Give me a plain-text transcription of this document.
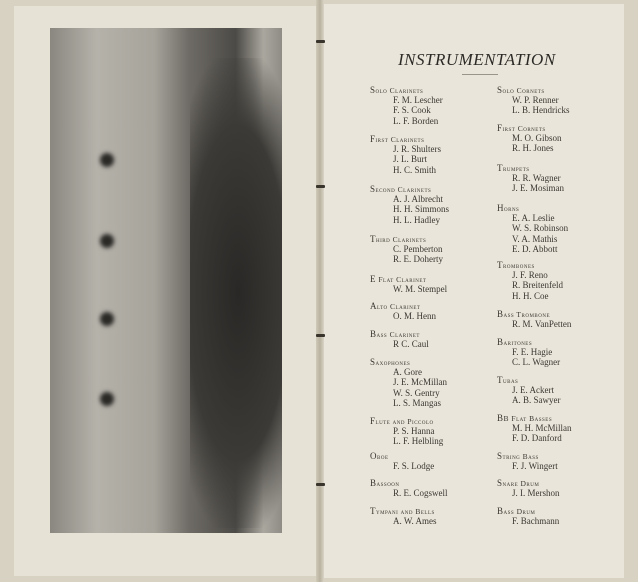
INSTRUMENTATION
Solo Clarinets
F. M. Lescher
F. S. Cook
L. F. Borden
First Clarinets
J. R. Shulters
J. L. Burt
H. C. Smith
Second Clarinets
A. J. Albrecht
H. H. Simmons
H. L. Hadley
Third Clarinets
C. Pemberton
R. E. Doherty
E Flat Clarinet
W. M. Stempel
Alto Clarinet
O. M. Henn
Bass Clarinet
R C. Caul
Saxophones
A. Gore
J. E. McMillan
W. S. Gentry
L. S. Mangas
Flute and Piccolo
P. S. Hanna
L. F. Helbling
Oboe
F. S. Lodge
Bassoon
R. E. Cogswell
Tympani and Bells
A. W. Ames
Solo Cornets
W. P. Renner
L. B. Hendricks
First Cornets
M. O. Gibson
R. H. Jones
Trumpets
R. R. Wagner
J. E. Mosiman
Horns
E. A. Leslie
W. S. Robinson
V. A. Mathis
E. D. Abbott
Trombones
J. F. Reno
R. Breitenfeld
H. H. Coe
Bass Trombone
R. M. VanPetten
Baritones
F. E. Hagie
C. L. Wagner
Tubas
J. E. Ackert
A. B. Sawyer
BB Flat Basses
M. H. McMillan
F. D. Danford
String Bass
F. J. Wingert
Snare Drum
J. I. Mershon
Bass Drum
F. Bachmann
